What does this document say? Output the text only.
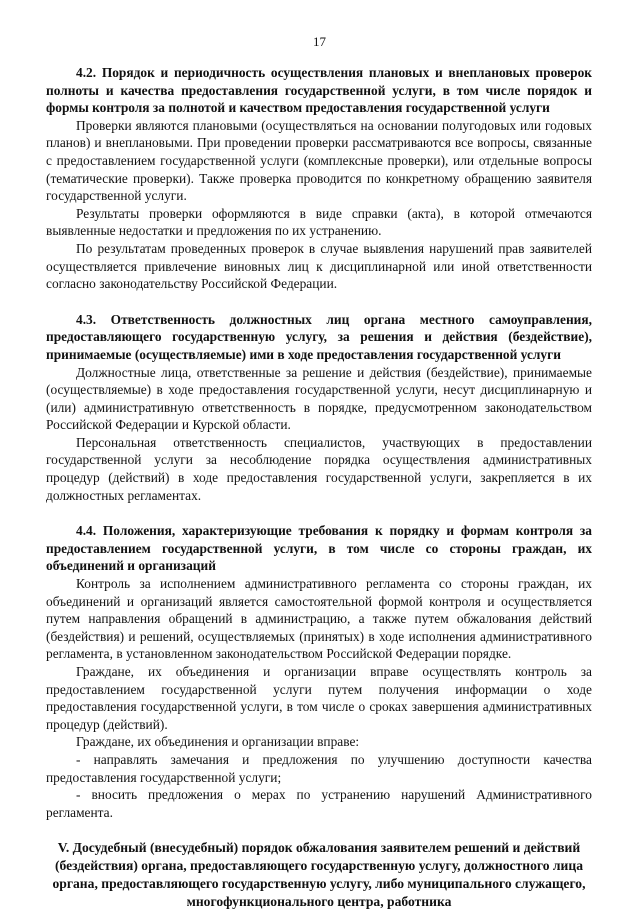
17

4.2. Порядок и периодичность осуществления плановых и внеплановых проверок полноты и качества предоставления государственной услуги, в том числе порядок и формы контроля за полнотой и качеством предоставления государственной услуги

Проверки являются плановыми (осуществляться на основании полугодовых или годовых планов) и внеплановыми. При проведении проверки рассматриваются все вопросы, связанные с предоставлением государственной услуги (комплексные проверки), или отдельные вопросы (тематические проверки). Также проверка проводится по конкретному обращению заявителя государственной услуги.

Результаты проверки оформляются в виде справки (акта), в которой отмечаются выявленные недостатки и предложения по их устранению.

По результатам проведенных проверок в случае выявления нарушений прав заявителей осуществляется привлечение виновных лиц к дисциплинарной или иной ответственности согласно законодательству Российской Федерации.

4.3. Ответственность должностных лиц органа местного самоуправления, предоставляющего государственную услугу, за решения и действия (бездействие), принимаемые (осуществляемые) ими в ходе предоставления государственной услуги

Должностные лица, ответственные за решение и действия (бездействие), принимаемые (осуществляемые) в ходе предоставления государственной услуги, несут дисциплинарную и (или) административную ответственность в порядке, предусмотренном законодательством Российской Федерации и Курской области.

Персональная ответственность специалистов, участвующих в предоставлении государственной услуги за несоблюдение порядка осуществления административных процедур (действий) в ходе предоставления государственной услуги, закрепляется в их должностных регламентах.

4.4. Положения, характеризующие требования к порядку и формам контроля за предоставлением государственной услуги, в том числе со стороны граждан, их объединений и организаций

Контроль за исполнением административного регламента со стороны граждан, их объединений и организаций является самостоятельной формой контроля и осуществляется путем направления обращений в администрацию, а также путем обжалования действий (бездействия) и решений, осуществляемых (принятых) в ходе исполнения административного регламента, в установленном законодательством Российской Федерации порядке.

Граждане, их объединения и организации вправе осуществлять контроль за предоставлением государственной услуги путем получения информации о ходе предоставления государственной услуги, в том числе о сроках завершения административных процедур (действий).

Граждане, их объединения и организации вправе:

- направлять замечания и предложения по улучшению доступности качества предоставления государственной услуги;

- вносить предложения о мерах по устранению нарушений Административного регламента.

V. Досудебный (внесудебный) порядок обжалования заявителем решений и действий (бездействия) органа, предоставляющего государственную услугу, должностного лица органа, предоставляющего государственную услугу, либо муниципального служащего, многофункционального центра, работника
